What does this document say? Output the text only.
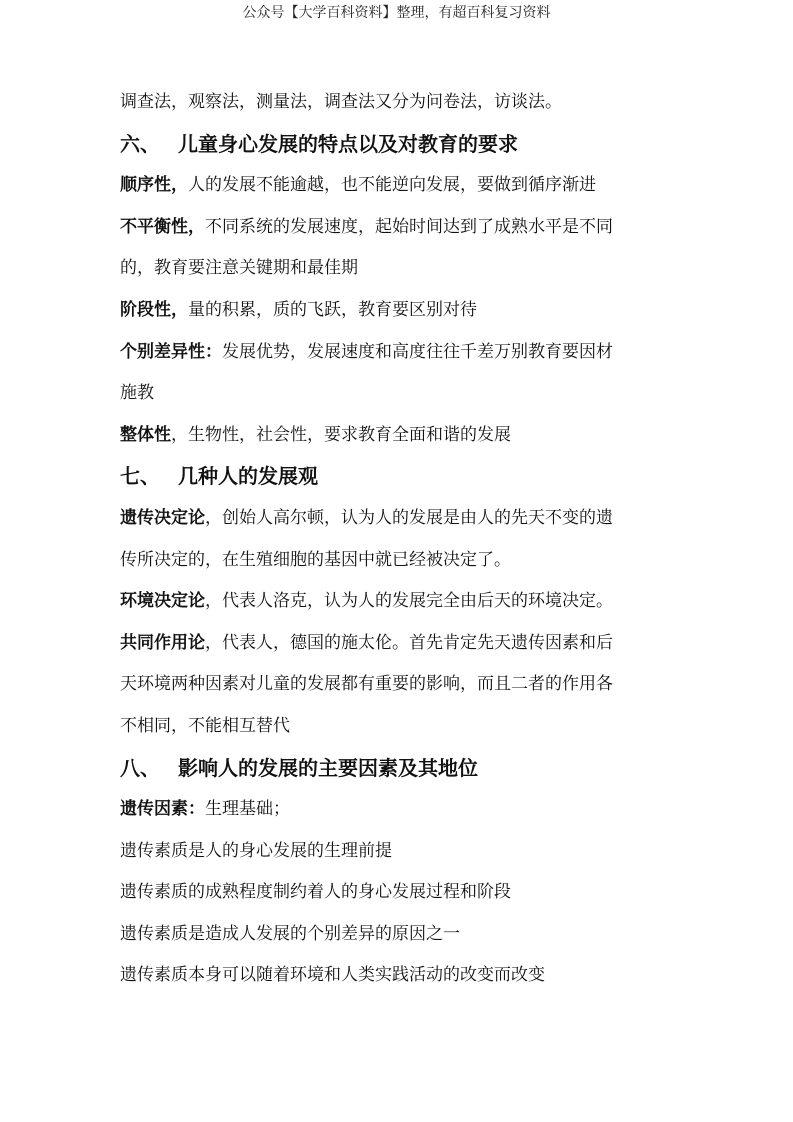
公众号【大学百科资料】整理，有超百科复习资料
调查法，观察法，测量法，调查法又分为问卷法，访谈法。
六、 儿童身心发展的特点以及对教育的要求
顺序性，人的发展不能逾越，也不能逆向发展，要做到循序渐进
不平衡性，不同系统的发展速度，起始时间达到了成熟水平是不同
的，教育要注意关键期和最佳期
阶段性，量的积累，质的飞跃，教育要区别对待
个别差异性：发展优势，发展速度和高度往往千差万别教育要因材
施教
整体性，生物性，社会性，要求教育全面和谐的发展
七、 几种人的发展观
遗传决定论，创始人高尔顿，认为人的发展是由人的先天不变的遗
传所决定的，在生殖细胞的基因中就已经被决定了。
环境决定论，代表人洛克，认为人的发展完全由后天的环境决定。
共同作用论，代表人，德国的施太伦。首先肯定先天遗传因素和后
天环境两种因素对儿童的发展都有重要的影响，而且二者的作用各
不相同，不能相互替代
八、 影响人的发展的主要因素及其地位
遗传因素：生理基础；
遗传素质是人的身心发展的生理前提
遗传素质的成熟程度制约着人的身心发展过程和阶段
遗传素质是造成人发展的个别差异的原因之一
遗传素质本身可以随着环境和人类实践活动的改变而改变
